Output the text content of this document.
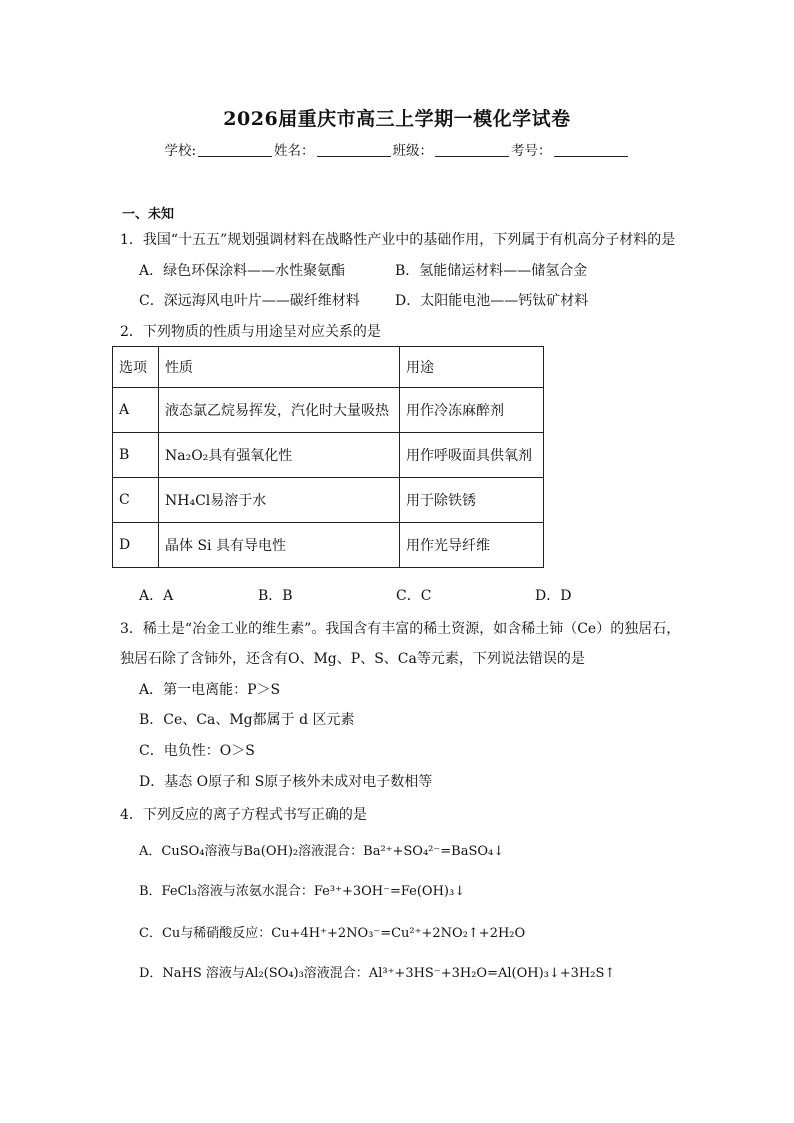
2026届重庆市高三上学期一模化学试卷
学校:	姓名：	班级：	考号：
一、未知
1．我国“十五五”规划强调材料在战略性产业中的基础作用，下列属于有机高分子材料的是
A．绿色环保涂料——水性聚氨酯	B．氢能储运材料——储氢合金
C．深远海风电叶片——碳纤维材料	D．太阳能电池——钙钛矿材料
2．下列物质的性质与用途呈对应关系的是
选项	性质	用途
A	液态氯乙烷易挥发，汽化时大量吸热	用作冷冻麻醉剂
B	Na₂O₂具有强氧化性	用作呼吸面具供氧剂
C	NH₄Cl易溶于水	用于除铁锈
D	晶体 Si 具有导电性	用作光导纤维
A．A	B．B	C．C	D．D
3．稀土是“冶金工业的维生素”。我国含有丰富的稀土资源，如含稀土铈（Ce）的独居石，
独居石除了含铈外，还含有O、Mg、P、S、Ca等元素，下列说法错误的是
A．第一电离能：P＞S
B．Ce、Ca、Mg都属于 d 区元素
C．电负性：O＞S
D．基态 O原子和 S原子核外未成对电子数相等
4．下列反应的离子方程式书写正确的是
A．CuSO₄溶液与Ba(OH)₂溶液混合：Ba²⁺+SO₄²⁻=BaSO₄↓
B．FeCl₃溶液与浓氨水混合：Fe³⁺+3OH⁻=Fe(OH)₃↓
C．Cu与稀硝酸反应：Cu+4H⁺+2NO₃⁻=Cu²⁺+2NO₂↑+2H₂O
D．NaHS 溶液与Al₂(SO₄)₃溶液混合：Al³⁺+3HS⁻+3H₂O=Al(OH)₃↓+3H₂S↑
